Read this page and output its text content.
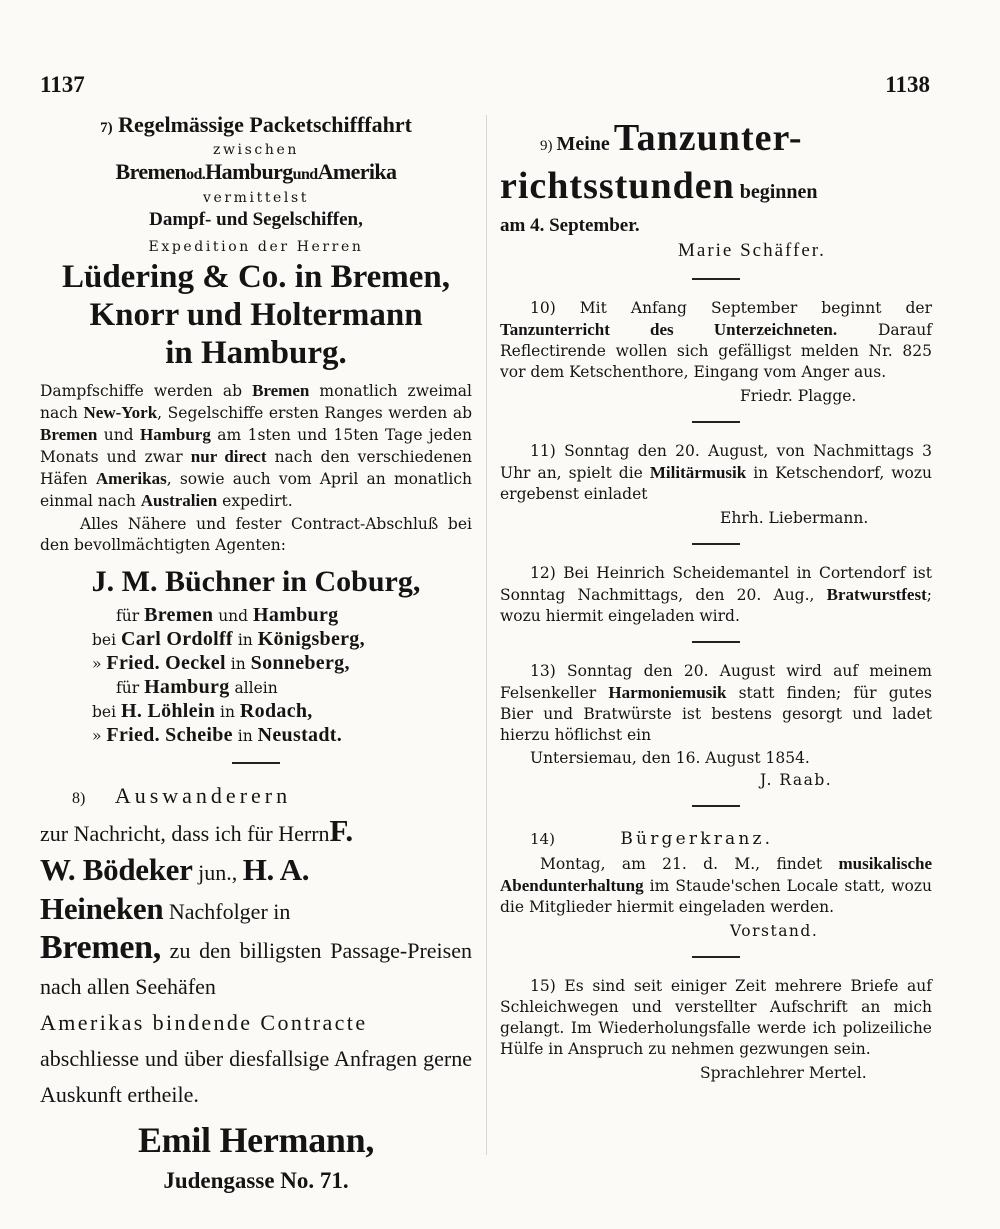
1137	1138
7) Regelmässige Packetschifffahrt
zwischen
Bremenod.HamburgundAmerika
vermittelst
Dampf- und Segelschiffen,
Expedition der Herren
Lüdering & Co. in Bremen,
Knorr und Holtermann
in Hamburg.

Dampfschiffe werden ab Bremen monatlich zweimal nach New-York, Segelschiffe ersten Ranges werden ab Bremen und Hamburg am 1sten und 15ten Tage jeden Monats und zwar nur direct nach den verschiedenen Häfen Amerikas, sowie auch vom April an monatlich einmal nach Australien expedirt.

Alles Nähere und fester Contract-Abschluß bei den bevollmächtigten Agenten:

J. M. Büchner in Coburg,
für Bremen und Hamburg
bei Carl Ordolff in Königsberg,
» Fried. Oeckel in Sonneberg,
für Hamburg allein
bei H. Löhlein in Rodach,
» Fried. Scheibe in Neustadt.
8) Auswanderern
zur Nachricht, dass ich für HerrnF.
W. Bödeker jun., H. A.
Heineken Nachfolger in
Bremen, zu den billigsten Passage-Preisen nach allen Seehäfen
Amerikas bindende Contracte
abschliesse und über diesfallsige Anfragen gerne Auskunft ertheile.
Emil Hermann,
Judengasse No. 71.
9) Meine Tanzunter-
richtsstunden beginnen
am 4. September.
Marie Schäffer.

10) Mit Anfang September beginnt der Tanzunterricht des Unterzeichneten. Darauf Reflectirende wollen sich gefälligst melden Nr. 825 vor dem Ketschenthore, Eingang vom Anger aus.

Friedr. Plagge.

11) Sonntag den 20. August, von Nachmittags 3 Uhr an, spielt die Militärmusik in Ketschendorf, wozu ergebenst einladet

Ehrh. Liebermann.

12) Bei Heinrich Scheidemantel in Cortendorf ist Sonntag Nachmittags, den 20. Aug., Bratwurstfest; wozu hiermit eingeladen wird.

13) Sonntag den 20. August wird auf meinem Felsenkeller Harmoniemusik statt finden; für gutes Bier und Bratwürste ist bestens gesorgt und ladet hierzu höflichst ein

Untersiemau, den 16. August 1854.
J. Raab.
14)	Bürgerkranz.

Montag, am 21. d. M., findet musikalische Abendunterhaltung im Staude'schen Locale statt, wozu die Mitglieder hiermit eingeladen werden.

Vorstand.

15) Es sind seit einiger Zeit mehrere Briefe auf Schleichwegen und verstellter Aufschrift an mich gelangt. Im Wiederholungsfalle werde ich polizeiliche Hülfe in Anspruch zu nehmen gezwungen sein.

Sprachlehrer Mertel.
